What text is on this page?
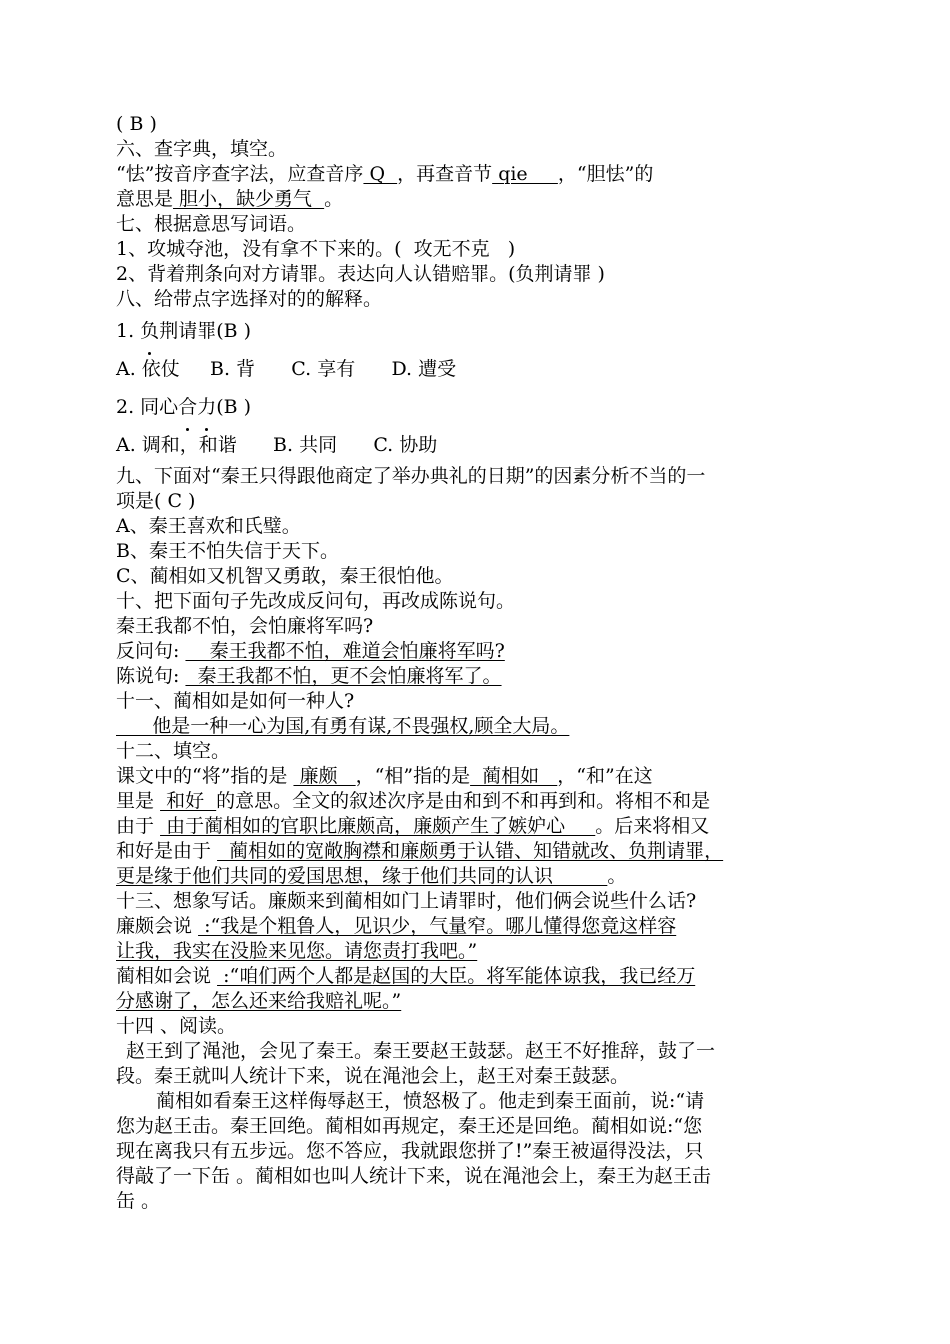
( B )
六、查字典，填空。
“怯”按音序查字法，应查音序 Q  ，再查音节 qie     ，“胆怯”的
意思是 胆小，缺少勇气  。
七、根据意思写词语。
1、攻城夺池，没有拿不下来的。(  攻无不克   )
2、背着荆条向对方请罪。表达向人认错赔罪。(负荆请罪 )
八、给带点字选择对的的解释。
1. 负荆请罪(B )
A. 依仗     B. 背      C. 享有      D. 遭受
2. 同心合力(B )
A. 调和，和谐      B. 共同      C. 协助
九、下面对“秦王只得跟他商定了举办典礼的日期”的因素分析不当的一
项是( C )
A、秦王喜欢和氏璧。
B、秦王不怕失信于天下。
C、蔺相如又机智又勇敢，秦王很怕他。
十、把下面句子先改成反问句，再改成陈说句。
秦王我都不怕，会怕廉将军吗?
反问句:     秦王我都不怕，难道会怕廉将军吗?
陈说句:   秦王我都不怕，更不会怕廉将军了。
十一、蔺相如是如何一种人?
他是一种一心为国,有勇有谋,不畏强权,顾全大局。
十二、填空。
课文中的“将”指的是  廉颇   ，“相”指的是  蔺相如   ，“和”在这
里是  和好  的意思。全文的叙述次序是由和到不和再到和。将相不和是
由于  由于蔺相如的官职比廉颇高，廉颇产生了嫉妒心     。后来将相又
和好是由于   蔺相如的宽敞胸襟和廉颇勇于认错、知错就改、负荆请罪，
更是缘于他们共同的爱国思想，缘于他们共同的认识         。
十三、想象写话。廉颇来到蔺相如门上请罪时，他们俩会说些什么话?
廉颇会说  :“我是个粗鲁人，见识少，气量窄。哪儿懂得您竟这样容
让我，我实在没脸来见您。请您责打我吧。”
蔺相如会说  :“咱们两个人都是赵国的大臣。将军能体谅我，我已经万
分感谢了，怎么还来给我赔礼呢。”
十四 、阅读。
赵王到了渑池，会见了秦王。秦王要赵王鼓瑟。赵王不好推辞，鼓了一
段。秦王就叫人统计下来，说在渑池会上，赵王对秦王鼓瑟。
蔺相如看秦王这样侮辱赵王，愤怒极了。他走到秦王面前，说:“请
您为赵王击。秦王回绝。蔺相如再规定，秦王还是回绝。蔺相如说:“您
现在离我只有五步远。您不答应，我就跟您拼了!”秦王被逼得没法，只
得敲了一下缶 。蔺相如也叫人统计下来，说在渑池会上，秦王为赵王击
缶 。
